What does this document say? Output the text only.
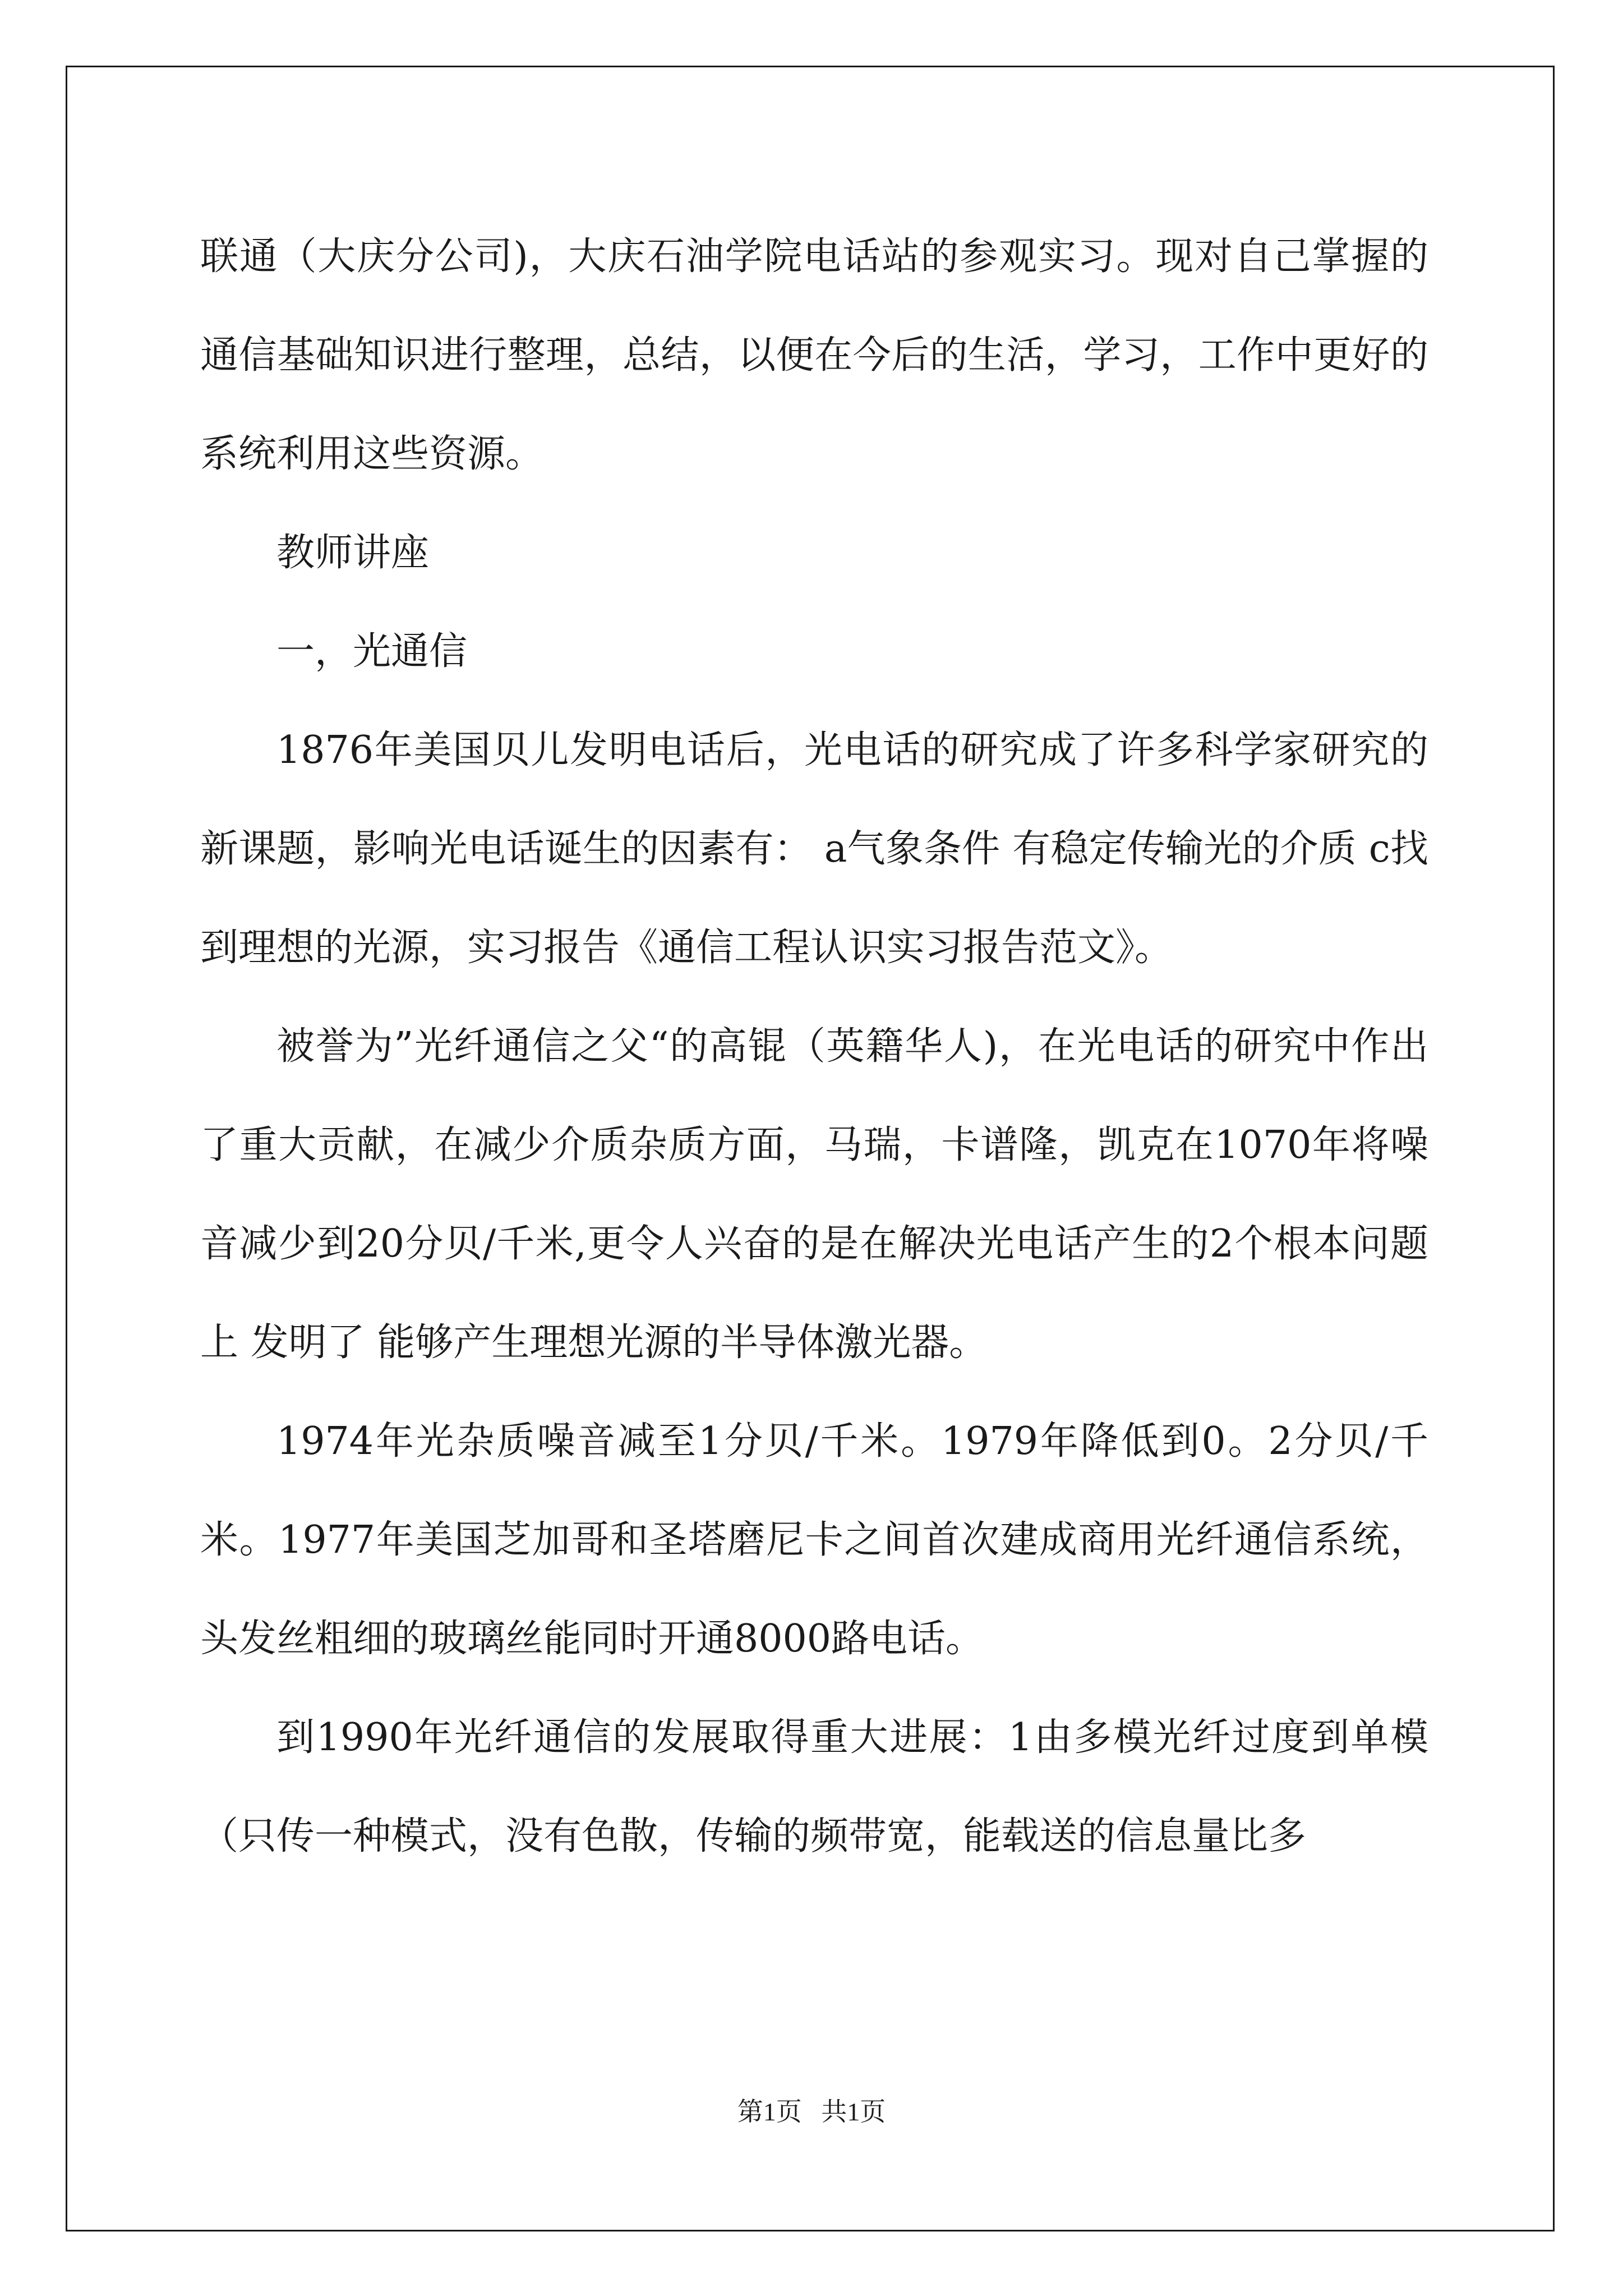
联通（大庆分公司)，大庆石油学院电话站的参观实习。现对自己掌握的通信基础知识进行整理，总结，以便在今后的生活，学习，工作中更好的系统利用这些资源。

教师讲座

一，光通信

1876年美国贝儿发明电话后，光电话的研究成了许多科学家研究的新课题，影响光电话诞生的因素有： a气象条件 有稳定传输光的介质 c找到理想的光源，实习报告《通信工程认识实习报告范文》。

被誉为”光纤通信之父“的高锟（英籍华人)，在光电话的研究中作出了重大贡献，在减少介质杂质方面，马瑞，卡谱隆，凯克在1070年将噪音减少到20分贝/千米,更令人兴奋的是在解决光电话产生的2个根本问题上 发明了 能够产生理想光源的半导体激光器。

1974年光杂质噪音减至1分贝/千米。1979年降低到0。2分贝/千米。1977年美国芝加哥和圣塔磨尼卡之间首次建成商用光纤通信系统，头发丝粗细的玻璃丝能同时开通8000路电话。

到1990年光纤通信的发展取得重大进展：1由多模光纤过度到单模（只传一种模式，没有色散，传输的频带宽，能载送的信息量比多

第1页   共1页
